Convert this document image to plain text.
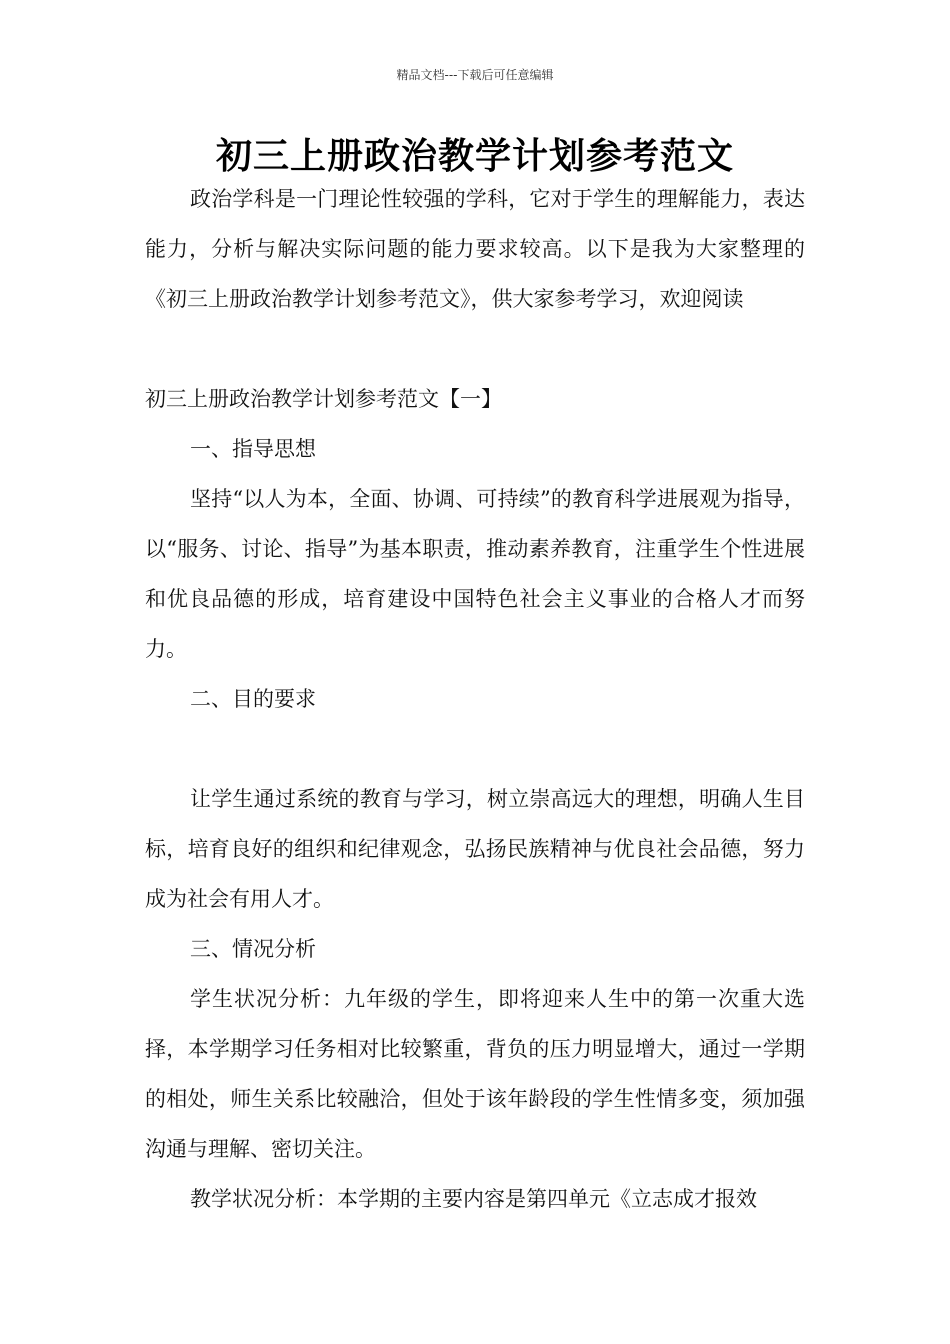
精品文档---下载后可任意编辑
初三上册政治教学计划参考范文
政治学科是一门理论性较强的学科，它对于学生的理解能力，表达能力，分析与解决实际问题的能力要求较高。以下是我为大家整理的《初三上册政治教学计划参考范文》，供大家参考学习，欢迎阅读
初三上册政治教学计划参考范文【一】
一、指导思想
坚持“以人为本，全面、协调、可持续”的教育科学进展观为指导，以“服务、讨论、指导”为基本职责，推动素养教育，注重学生个性进展和优良品德的形成，培育建设中国特色社会主义事业的合格人才而努力。
二、目的要求
让学生通过系统的教育与学习，树立崇高远大的理想，明确人生目标，培育良好的组织和纪律观念，弘扬民族精神与优良社会品德，努力成为社会有用人才。
三、情况分析
学生状况分析：九年级的学生，即将迎来人生中的第一次重大选择，本学期学习任务相对比较繁重，背负的压力明显增大，通过一学期的相处，师生关系比较融洽，但处于该年龄段的学生性情多变，须加强沟通与理解、密切关注。
教学状况分析：本学期的主要内容是第四单元《立志成才报效
